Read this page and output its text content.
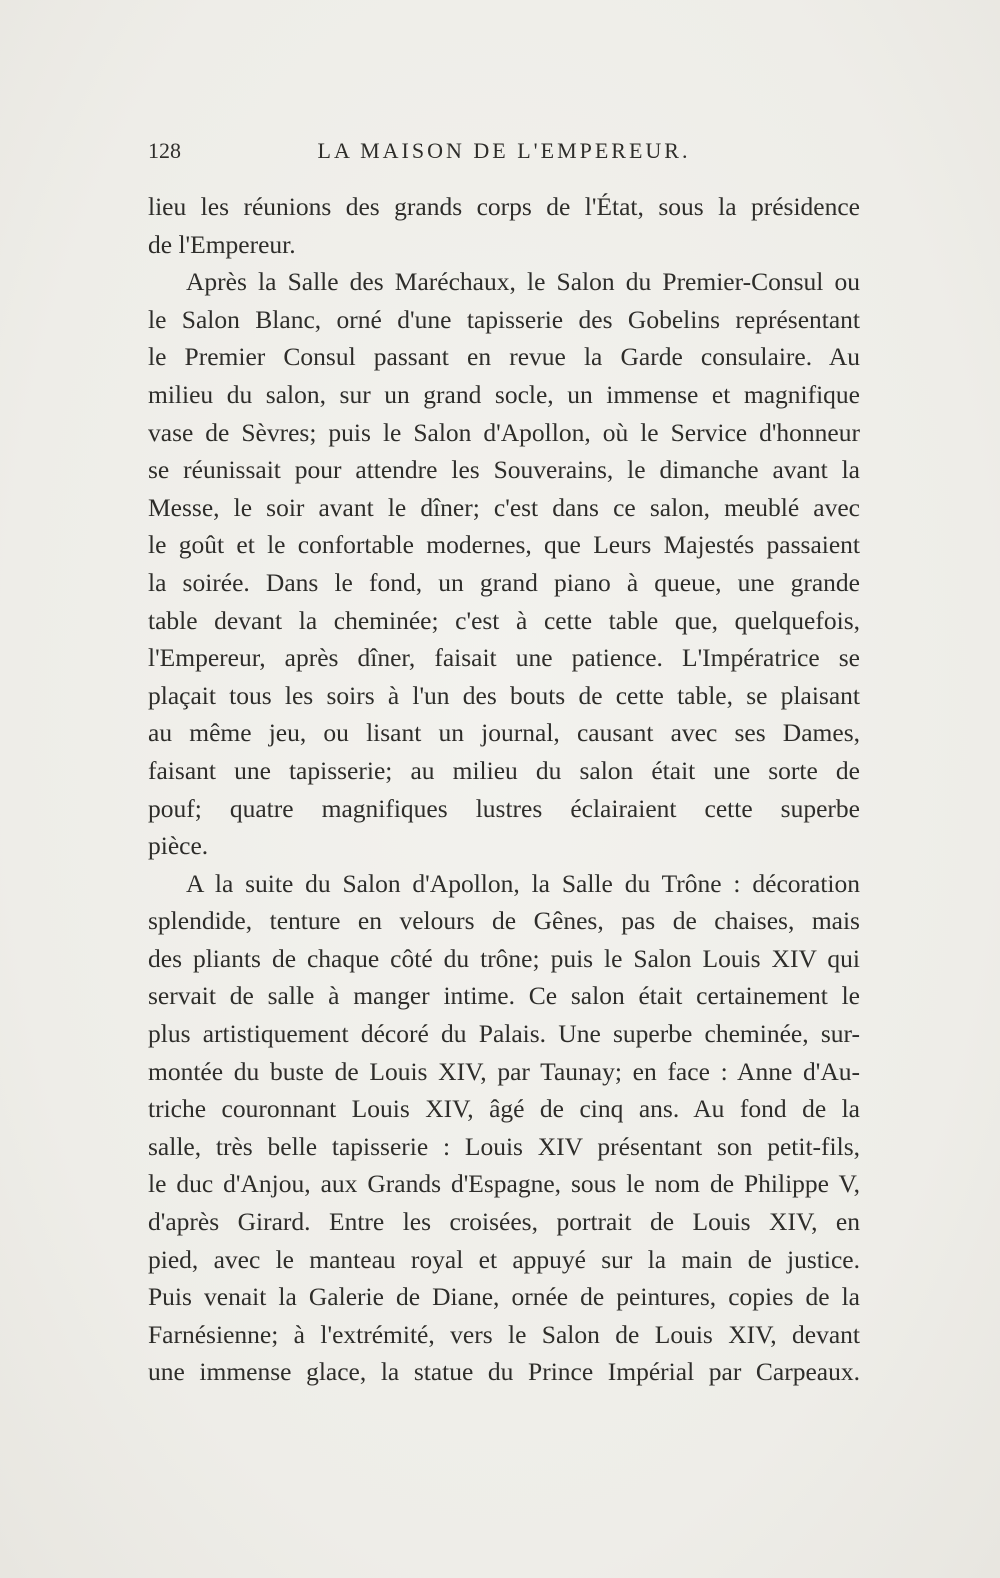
128	LA MAISON DE L'EMPEREUR.
lieu les réunions des grands corps de l'État, sous la présidence
de l'Empereur.
Après la Salle des Maréchaux, le Salon du Premier-Consul ou
le Salon Blanc, orné d'une tapisserie des Gobelins représentant
le Premier Consul passant en revue la Garde consulaire. Au
milieu du salon, sur un grand socle, un immense et magnifique
vase de Sèvres; puis le Salon d'Apollon, où le Service d'honneur
se réunissait pour attendre les Souverains, le dimanche avant la
Messe, le soir avant le dîner; c'est dans ce salon, meublé avec
le goût et le confortable modernes, que Leurs Majestés passaient
la soirée. Dans le fond, un grand piano à queue, une grande
table devant la cheminée; c'est à cette table que, quelquefois,
l'Empereur, après dîner, faisait une patience. L'Impératrice se
plaçait tous les soirs à l'un des bouts de cette table, se plaisant
au même jeu, ou lisant un journal, causant avec ses Dames,
faisant une tapisserie; au milieu du salon était une sorte de
pouf; quatre magnifiques lustres éclairaient cette superbe
pièce.
A la suite du Salon d'Apollon, la Salle du Trône : décoration
splendide, tenture en velours de Gênes, pas de chaises, mais
des pliants de chaque côté du trône; puis le Salon Louis XIV qui
servait de salle à manger intime. Ce salon était certainement le
plus artistiquement décoré du Palais. Une superbe cheminée, sur-
montée du buste de Louis XIV, par Taunay; en face : Anne d'Au-
triche couronnant Louis XIV, âgé de cinq ans. Au fond de la
salle, très belle tapisserie : Louis XIV présentant son petit-fils,
le duc d'Anjou, aux Grands d'Espagne, sous le nom de Philippe V,
d'après Girard. Entre les croisées, portrait de Louis XIV, en
pied, avec le manteau royal et appuyé sur la main de justice.
Puis venait la Galerie de Diane, ornée de peintures, copies de la
Farnésienne; à l'extrémité, vers le Salon de Louis XIV, devant
une immense glace, la statue du Prince Impérial par Carpeaux.
